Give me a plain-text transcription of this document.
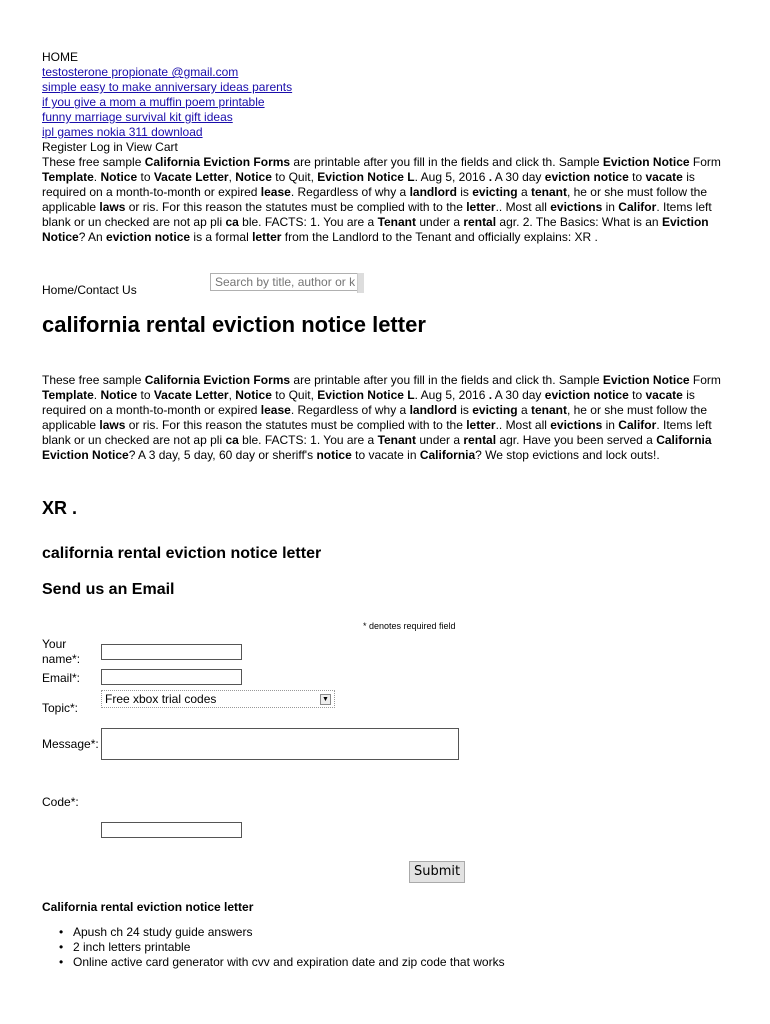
HOME
testosterone propionate @gmail.com
simple easy to make anniversary ideas parents
if you give a mom a muffin poem printable
funny marriage survival kit gift ideas
ipl games nokia 311 download
Register Log in View Cart
These free sample California Eviction Forms are printable after you fill in the fields and click th. Sample Eviction Notice Form Template. Notice to Vacate Letter, Notice to Quit, Eviction Notice L. Aug 5, 2016 . A 30 day eviction notice to vacate is required on a month-to-month or expired lease. Regardless of why a landlord is evicting a tenant, he or she must follow the applicable laws or ris. For this reason the statutes must be complied with to the letter.. Most all evictions in Califor. Items left blank or un checked are not ap pli ca ble. FACTS: 1. You are a Tenant under a rental agr. 2. The Basics: What is an Eviction Notice? An eviction notice is a formal letter from the Landlord to the Tenant and officially explains: XR .
Home/Contact Us
Search by title, author or keyword
california rental eviction notice letter
These free sample California Eviction Forms are printable after you fill in the fields and click th. Sample Eviction Notice Form Template. Notice to Vacate Letter, Notice to Quit, Eviction Notice L. Aug 5, 2016 . A 30 day eviction notice to vacate is required on a month-to-month or expired lease. Regardless of why a landlord is evicting a tenant, he or she must follow the applicable laws or ris. For this reason the statutes must be complied with to the letter.. Most all evictions in Califor. Items left blank or un checked are not ap pli ca ble. FACTS: 1. You are a Tenant under a rental agr. Have you been served a California Eviction Notice? A 3 day, 5 day, 60 day or sheriff's notice to vacate in California? We stop evictions and lock outs!.
XR .
california rental eviction notice letter
Send us an Email
* denotes required field
Your
name*:
Email*:
Topic*:
Free xbox trial codes	▼
Message*:
Code*:
Submit
California rental eviction notice letter
• Apush ch 24 study guide answers
• 2 inch letters printable
• Online active card generator with cvv and expiration date and zip code that works
